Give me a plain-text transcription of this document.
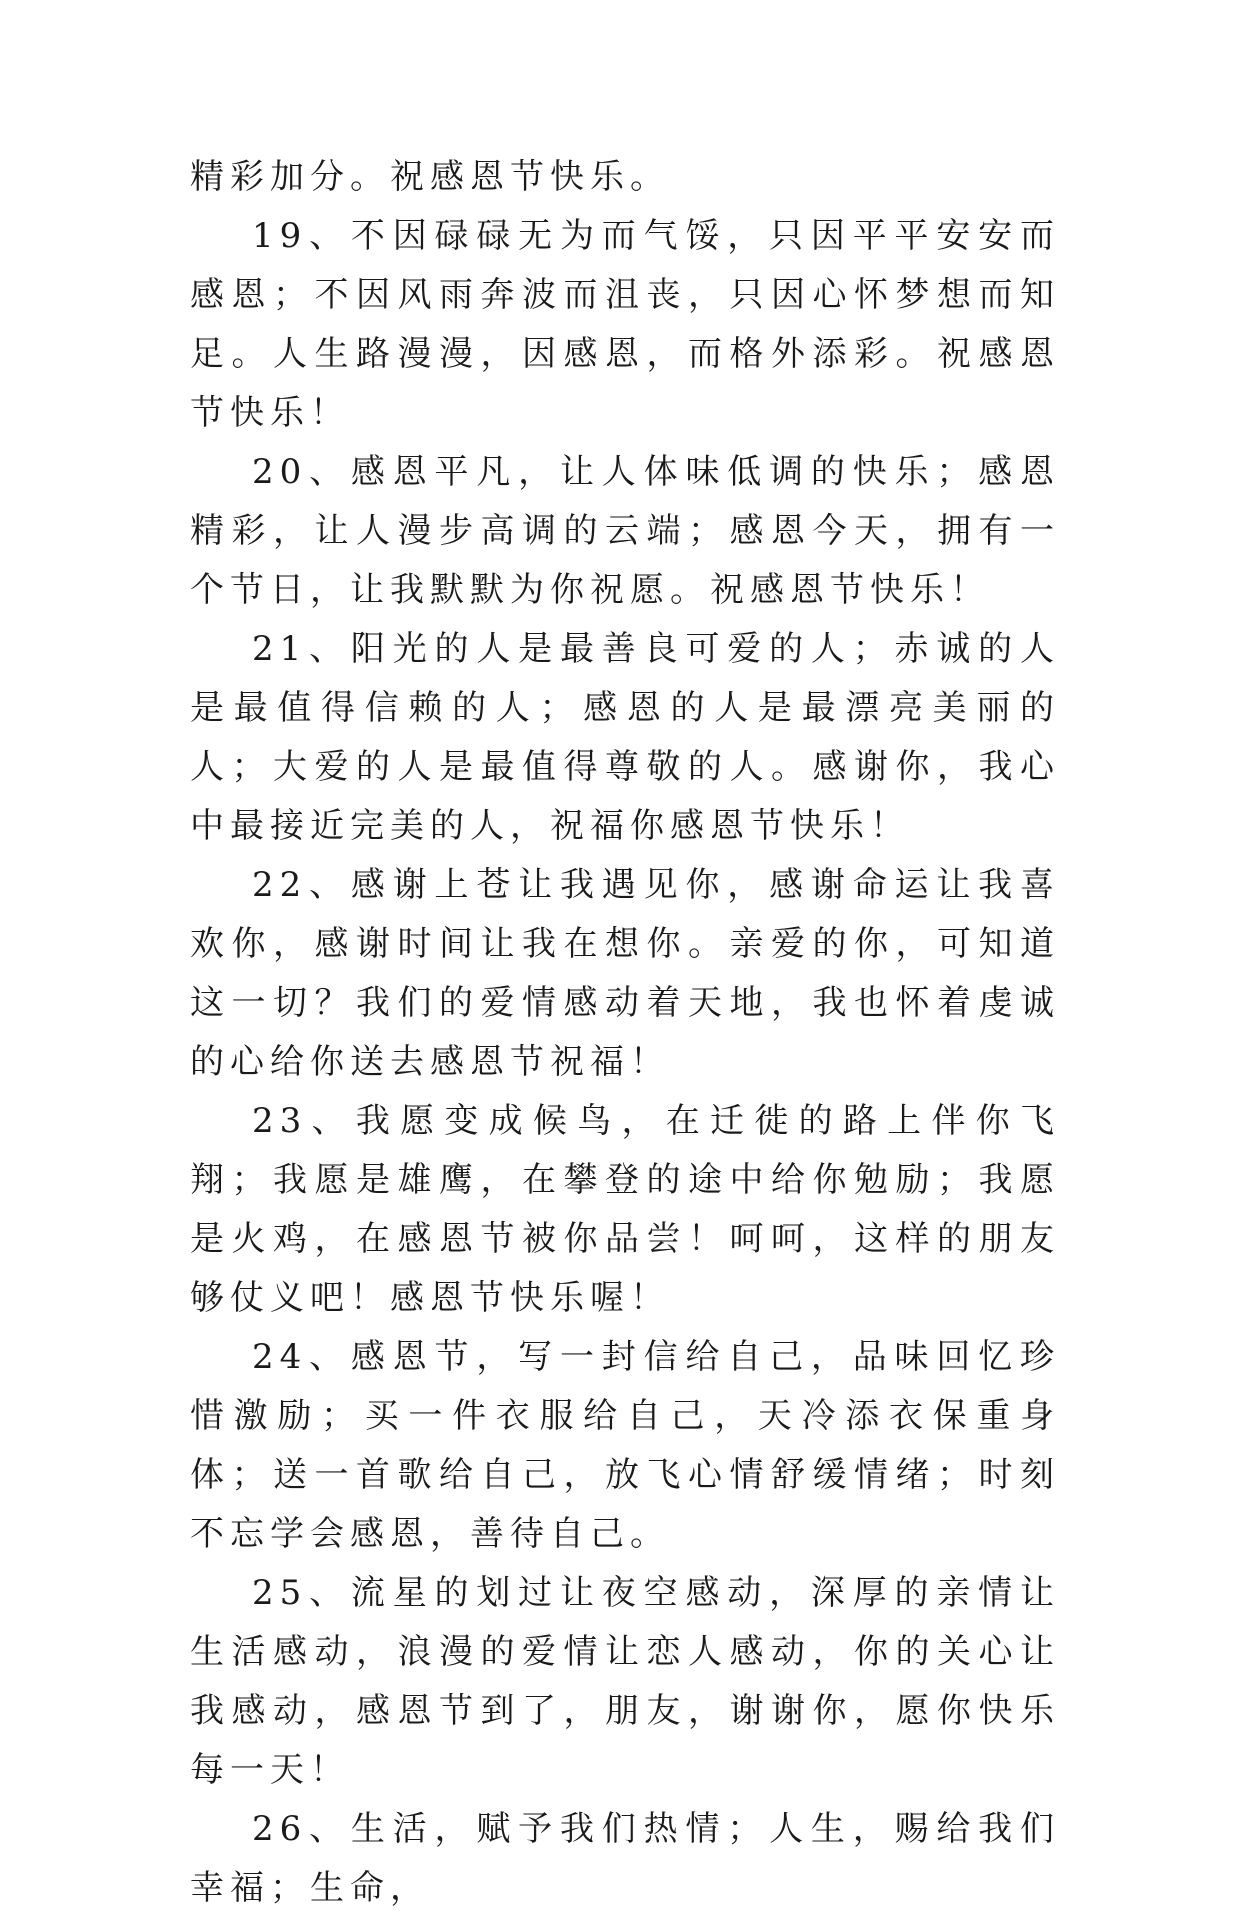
精彩加分。祝感恩节快乐。

19、不因碌碌无为而气馁，只因平平安安而感恩；不因风雨奔波而沮丧，只因心怀梦想而知足。人生路漫漫，因感恩，而格外添彩。祝感恩节快乐！

20、感恩平凡，让人体味低调的快乐；感恩精彩，让人漫步高调的云端；感恩今天，拥有一个节日，让我默默为你祝愿。祝感恩节快乐！

21、阳光的人是最善良可爱的人；赤诚的人是最值得信赖的人；感恩的人是最漂亮美丽的人；大爱的人是最值得尊敬的人。感谢你，我心中最接近完美的人，祝福你感恩节快乐！

22、感谢上苍让我遇见你，感谢命运让我喜欢你，感谢时间让我在想你。亲爱的你，可知道这一切？我们的爱情感动着天地，我也怀着虔诚的心给你送去感恩节祝福！

23、我愿变成候鸟，在迁徙的路上伴你飞翔；我愿是雄鹰，在攀登的途中给你勉励；我愿是火鸡，在感恩节被你品尝！呵呵，这样的朋友够仗义吧！感恩节快乐喔！

24、感恩节，写一封信给自己，品味回忆珍惜激励；买一件衣服给自己，天冷添衣保重身体；送一首歌给自己，放飞心情舒缓情绪；时刻不忘学会感恩，善待自己。

25、流星的划过让夜空感动，深厚的亲情让生活感动，浪漫的爱情让恋人感动，你的关心让我感动，感恩节到了，朋友，谢谢你，愿你快乐每一天！

26、生活，赋予我们热情；人生，赐给我们幸福；生命，
